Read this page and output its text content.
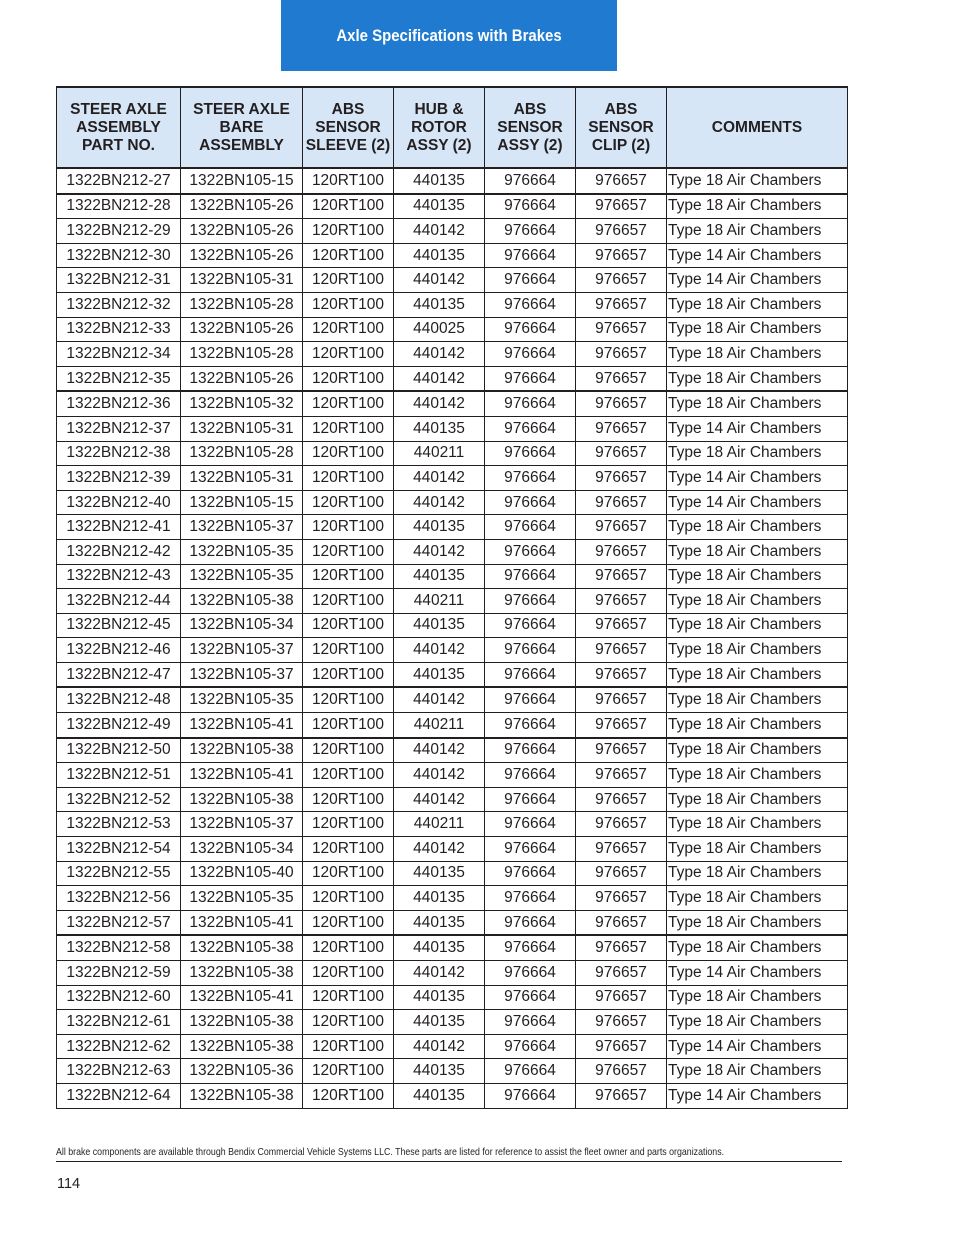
Axle Specifications with Brakes
STEER AXLE ASSEMBLY PART NO.	STEER AXLE BARE ASSEMBLY	ABS SENSOR SLEEVE (2)	HUB & ROTOR ASSY (2)	ABS SENSOR ASSY (2)	ABS SENSOR CLIP (2)	COMMENTS
1322BN212-27	1322BN105-15	120RT100	440135	976664	976657	Type 18 Air Chambers
1322BN212-28	1322BN105-26	120RT100	440135	976664	976657	Type 18 Air Chambers
1322BN212-29	1322BN105-26	120RT100	440142	976664	976657	Type 18 Air Chambers
1322BN212-30	1322BN105-26	120RT100	440135	976664	976657	Type 14 Air Chambers
1322BN212-31	1322BN105-31	120RT100	440142	976664	976657	Type 14 Air Chambers
1322BN212-32	1322BN105-28	120RT100	440135	976664	976657	Type 18 Air Chambers
1322BN212-33	1322BN105-26	120RT100	440025	976664	976657	Type 18 Air Chambers
1322BN212-34	1322BN105-28	120RT100	440142	976664	976657	Type 18 Air Chambers
1322BN212-35	1322BN105-26	120RT100	440142	976664	976657	Type 18 Air Chambers
1322BN212-36	1322BN105-32	120RT100	440142	976664	976657	Type 18 Air Chambers
1322BN212-37	1322BN105-31	120RT100	440135	976664	976657	Type 14 Air Chambers
1322BN212-38	1322BN105-28	120RT100	440211	976664	976657	Type 18 Air Chambers
1322BN212-39	1322BN105-31	120RT100	440142	976664	976657	Type 14 Air Chambers
1322BN212-40	1322BN105-15	120RT100	440142	976664	976657	Type 14 Air Chambers
1322BN212-41	1322BN105-37	120RT100	440135	976664	976657	Type 18 Air Chambers
1322BN212-42	1322BN105-35	120RT100	440142	976664	976657	Type 18 Air Chambers
1322BN212-43	1322BN105-35	120RT100	440135	976664	976657	Type 18 Air Chambers
1322BN212-44	1322BN105-38	120RT100	440211	976664	976657	Type 18 Air Chambers
1322BN212-45	1322BN105-34	120RT100	440135	976664	976657	Type 18 Air Chambers
1322BN212-46	1322BN105-37	120RT100	440142	976664	976657	Type 18 Air Chambers
1322BN212-47	1322BN105-37	120RT100	440135	976664	976657	Type 18 Air Chambers
1322BN212-48	1322BN105-35	120RT100	440142	976664	976657	Type 18 Air Chambers
1322BN212-49	1322BN105-41	120RT100	440211	976664	976657	Type 18 Air Chambers
1322BN212-50	1322BN105-38	120RT100	440142	976664	976657	Type 18 Air Chambers
1322BN212-51	1322BN105-41	120RT100	440142	976664	976657	Type 18 Air Chambers
1322BN212-52	1322BN105-38	120RT100	440142	976664	976657	Type 18 Air Chambers
1322BN212-53	1322BN105-37	120RT100	440211	976664	976657	Type 18 Air Chambers
1322BN212-54	1322BN105-34	120RT100	440142	976664	976657	Type 18 Air Chambers
1322BN212-55	1322BN105-40	120RT100	440135	976664	976657	Type 18 Air Chambers
1322BN212-56	1322BN105-35	120RT100	440135	976664	976657	Type 18 Air Chambers
1322BN212-57	1322BN105-41	120RT100	440135	976664	976657	Type 18 Air Chambers
1322BN212-58	1322BN105-38	120RT100	440135	976664	976657	Type 18 Air Chambers
1322BN212-59	1322BN105-38	120RT100	440142	976664	976657	Type 14 Air Chambers
1322BN212-60	1322BN105-41	120RT100	440135	976664	976657	Type 18 Air Chambers
1322BN212-61	1322BN105-38	120RT100	440135	976664	976657	Type 18 Air Chambers
1322BN212-62	1322BN105-38	120RT100	440142	976664	976657	Type 14 Air Chambers
1322BN212-63	1322BN105-36	120RT100	440135	976664	976657	Type 18 Air Chambers
1322BN212-64	1322BN105-38	120RT100	440135	976664	976657	Type 14 Air Chambers
All brake components are available through Bendix Commercial Vehicle Systems LLC. These parts are listed for reference to assist the fleet owner and parts organizations.
114
